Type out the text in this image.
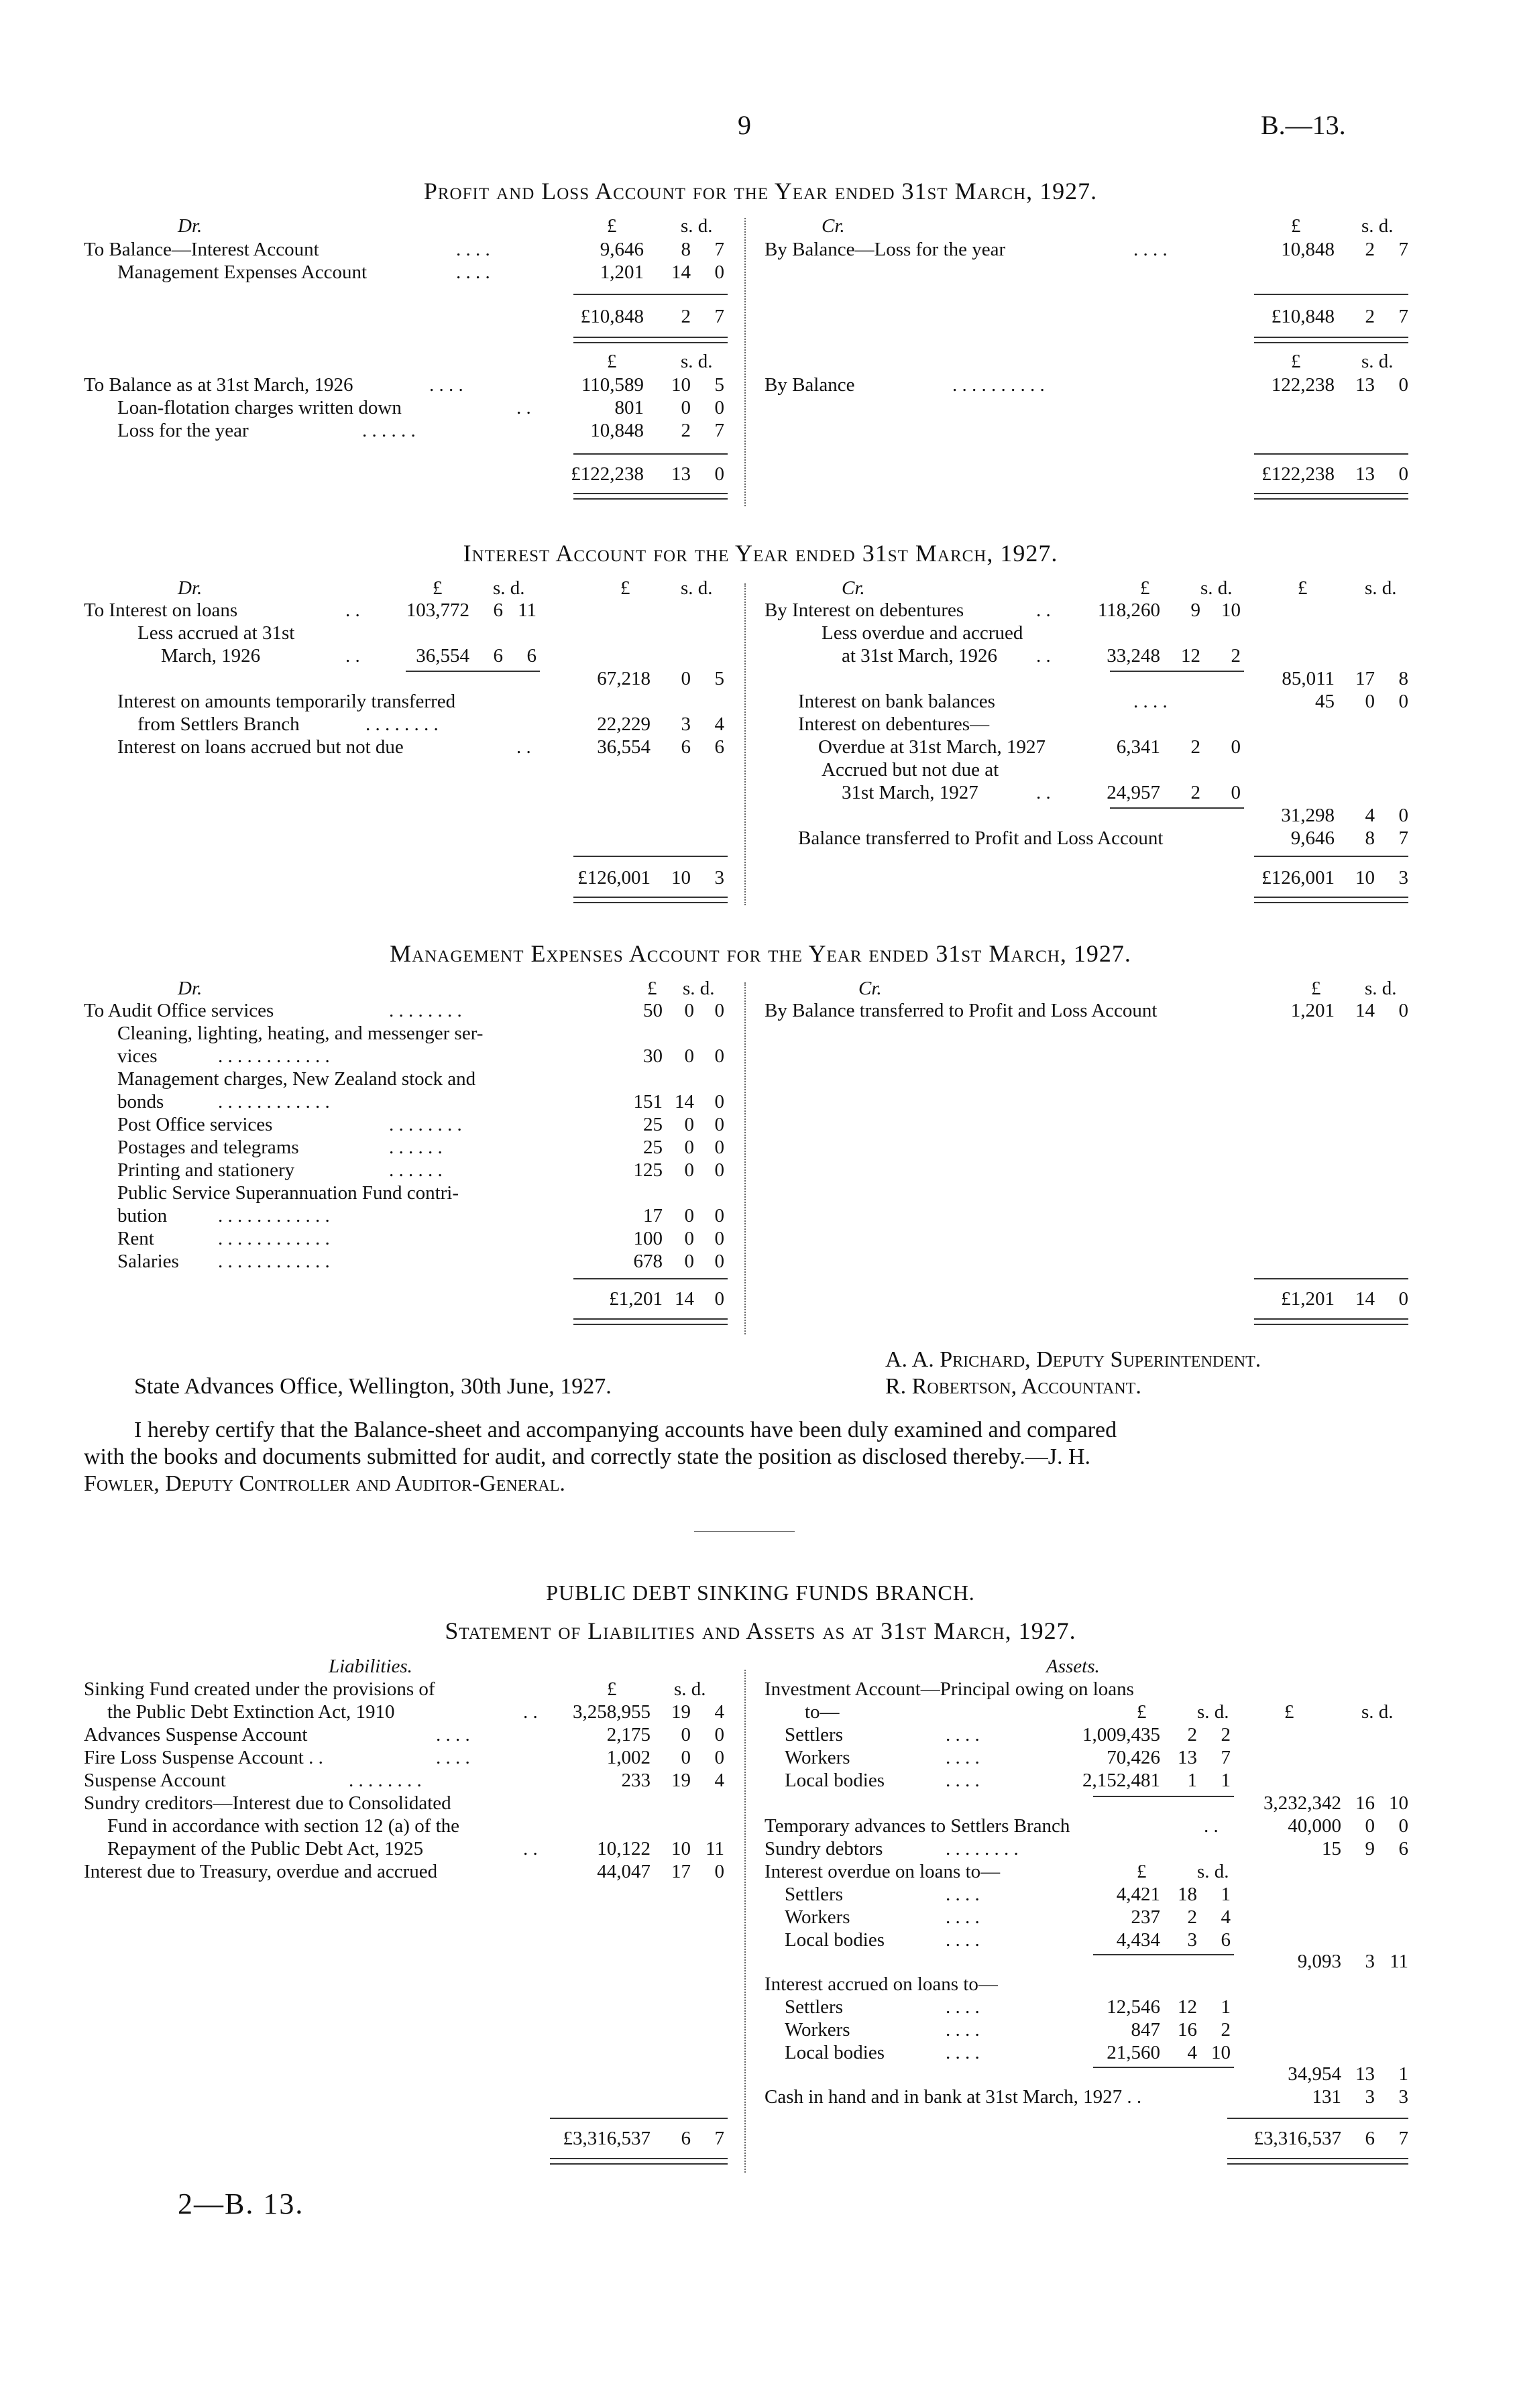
9	B.—13.
Profit and Loss Account for the Year ended 31st March, 1927.
Dr.	£	s. d.	Cr.	£	s. d.
To Balance—Interest Account	. . . .	9,646	8	7
Management Expenses Account	. . . .	1,201	14	0
By Balance—Loss for the year	. . . .	10,848	2	7
£10,848	2	7	£10,848	2	7
£	s. d.	£	s. d.
To Balance as at 31st March, 1926	. . . .	110,589	10	5
Loan-flotation charges written down	. .	801	0	0
Loss for the year	. . . . . .	10,848	2	7
By Balance	. . . . . . . . . .	122,238	13	0
£122,238	13	0	£122,238	13	0
Interest Account for the Year ended 31st March, 1927.
Dr.	£	s. d.	£	s. d.	Cr.	£	s. d.	£	s. d.
To Interest on loans	. .	103,772	6 11
Less accrued at 31st
March, 1926	. .	36,554	6	6
67,218	0	5
Interest on amounts temporarily transferred
from Settlers Branch	. . . . . . . .	22,229	3	4
Interest on loans accrued but not due	. .	36,554	6	6
By Interest on debentures	. .	118,260	9	10
Less overdue and accrued
at 31st March, 1926 . .	33,248	12	2
85,011	17	8
Interest on bank balances	. . . .	45	0	0
Interest on debentures—
Overdue at 31st March, 1927	6,341	2	0
Accrued but not due at
31st March, 1927	. .	24,957	2	0
31,298	4	0
Balance transferred to Profit and Loss Account	9,646	8	7
£126,001	10	3	£126,001	10	3
Management Expenses Account for the Year ended 31st March, 1927.
Dr.	£ s. d.	Cr.	£ s. d.
To Audit Office services	. . . . . . . .	50	0	0
Cleaning, lighting, heating, and messenger ser-
vices	. . . . . . . . . . . .	30	0	0
Management charges, New Zealand stock and
bonds	. . . . . . . . . . . .	151 14	0
Post Office services	. . . . . . . .	25	0	0
Postages and telegrams	. . . . . .	25	0	0
Printing and stationery	. . . . . .	125	0	0
Public Service Superannuation Fund contri-
bution	. . . . . . . . . . . .	17	0	0
Rent	. . . . . . . . . . . .	100	0	0
Salaries . . . . . . . . . . . .	678	0	0
By Balance transferred to Profit and Loss Account	1,201	14	0
£1,201 14	0	£1,201	14	0
A. A. Prichard, Deputy Superintendent.
R. Robertson, Accountant.
State Advances Office, Wellington, 30th June, 1927.
I hereby certify that the Balance-sheet and accompanying accounts have been duly examined and compared
with the books and documents submitted for audit, and correctly state the position as disclosed thereby.—J. H.
Fowler, Deputy Controller and Auditor-General.
PUBLIC DEBT SINKING FUNDS BRANCH.
Statement of Liabilities and Assets as at 31st March, 1927.
Liabilities.	Assets.
£	s. d.
Sinking Fund created under the provisions of
the Public Debt Extinction Act, 1910	. .	3,258,955	19	4
Advances Suspense Account	. . . .	2,175	0	0
Fire Loss Suspense Account . .	. . . .	1,002	0	0
Suspense Account	. . . . . . . .	233	19	4
Sundry creditors—Interest due to Consolidated
Fund in accordance with section 12 (a) of the
Repayment of the Public Debt Act, 1925	. .	10,122	10 11
Interest due to Treasury, overdue and accrued	44,047	17	0
Investment Account—Principal owing on loans
to—	£	s. d.	£	s. d.
Settlers	. . . .	1,009,435	2	2
Workers	. . . .	70,426 13	7
Local bodies	. . . .	2,152,481	1	1
3,232,342 16 10
Temporary advances to Settlers Branch	. .	40,000	0	0
Sundry debtors	. . . . . . . .	15	9	6
Interest overdue on loans to—	£	s. d.
Settlers	. . . .	4,421 18	1
Workers	. . . .	237	2	4
Local bodies	. . . .	4,434	3	6
9,093	3 11
Interest accrued on loans to—
Settlers	. . . .	12,546 12	1
Workers	. . . .	847 16	2
Local bodies	. . . .	21,560	4 10
34,954 13	1
Cash in hand and in bank at 31st March, 1927 . .	131	3	3
£3,316,537	6	7	£3,316,537	6	7
2—B. 13.
